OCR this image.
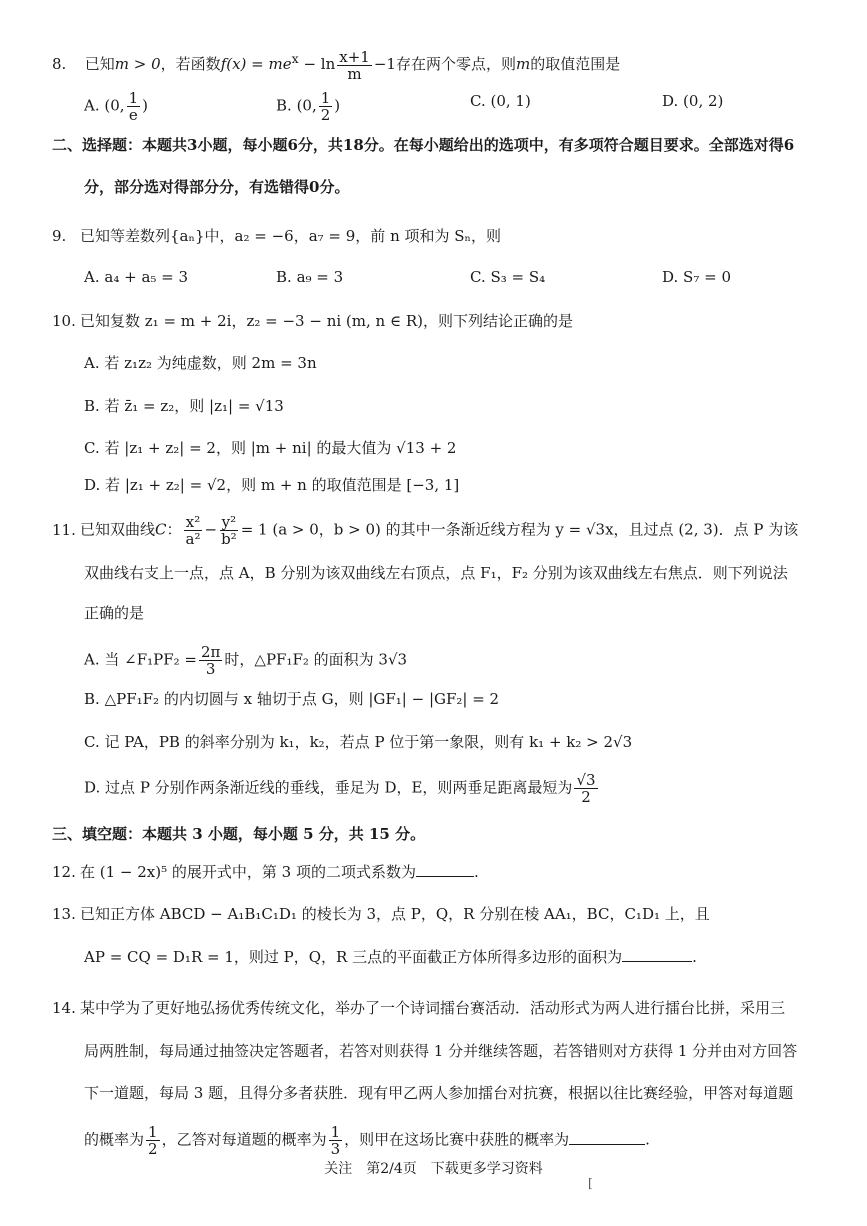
8. 已知m > 0，若函数$f(x) = me^x - \ln \frac{x+1}{m} -1$存在两个零点，则m的取值范围是
A. (0, $\frac{1}{e}$ )	B. (0, $\frac{1}{2}$ )	C. (0, 1)	D. (0, 2)
二、选择题：本题共3小题，每小题6分，共18分。在每小题给出的选项中，有多项符合题目要求。全部选对得6
分，部分选对得部分分，有选错得0分。
9. 已知等差数列{aₙ}中，a₂ = −6，a₇ = 9，前 n 项和为 Sₙ，则
A. a₄ + a₅ = 3	B. a₉ = 3	C. S₃ = S₄	D. S₇ = 0
10. 已知复数 z₁ = m + 2i，z₂ = −3 − ni (m, n ∈ R)，则下列结论正确的是
A. 若 z₁z₂ 为纯虚数，则 2m = 3n
B. 若 z̄₁ = z₂，则 |z₁| = √13
C. 若 |z₁ + z₂| = 2，则 |m + ni| 的最大值为 √13 + 2
D. 若 |z₁ + z₂| = √2，则 m + n 的取值范围是 [−3, 1]
11. 已知双曲线C： $\frac{\text{x²}}{\text{a²}} - \frac{\text{y²}}{\text{b²}} = 1$ (a > 0，b > 0) 的其中一条渐近线方程为 y = √3x，且过点 (2, 3)．点 P 为该
双曲线右支上一点，点 A，B 分别为该双曲线左右顶点，点 F₁，F₂ 分别为该双曲线左右焦点．则下列说法
正确的是
A. 当 ∠F₁PF₂ = $\frac{2\pi}{3}$ 时，△PF₁F₂ 的面积为 3√3
B. △PF₁F₂ 的内切圆与 x 轴切于点 G，则 |GF₁| − |GF₂| = 2
C. 记 PA，PB 的斜率分别为 k₁，k₂，若点 P 位于第一象限，则有 k₁ + k₂ > 2√3
D. 过点 P 分别作两条渐近线的垂线，垂足为 D，E，则两垂足距离最短为 $\frac{√3}{2}$
三、填空题：本题共 3 小题，每小题 5 分，共 15 分。
12. 在 (1 − 2x)⁵ 的展开式中，第 3 项的二项式系数为	.
13. 已知正方体 ABCD − A₁B₁C₁D₁ 的棱长为 3，点 P，Q，R 分别在棱 AA₁，BC，C₁D₁ 上，且
AP = CQ = D₁R = 1，则过 P，Q，R 三点的平面截正方体所得多边形的面积为	.
14. 某中学为了更好地弘扬优秀传统文化，举办了一个诗词擂台赛活动．活动形式为两人进行擂台比拼，采用三
局两胜制，每局通过抽签决定答题者，若答对则获得 1 分并继续答题，若答错则对方获得 1 分并由对方回答
下一道题，每局 3 题，且得分多者获胜．现有甲乙两人参加擂台对抗赛，根据以往比赛经验，甲答对每道题
的概率为 $\frac{1}{2}$ ，乙答对每道题的概率为 $\frac{1}{3}$ ，则甲在这场比赛中获胜的概率为	.
关注　第2/4页　下载更多学习资料
[
